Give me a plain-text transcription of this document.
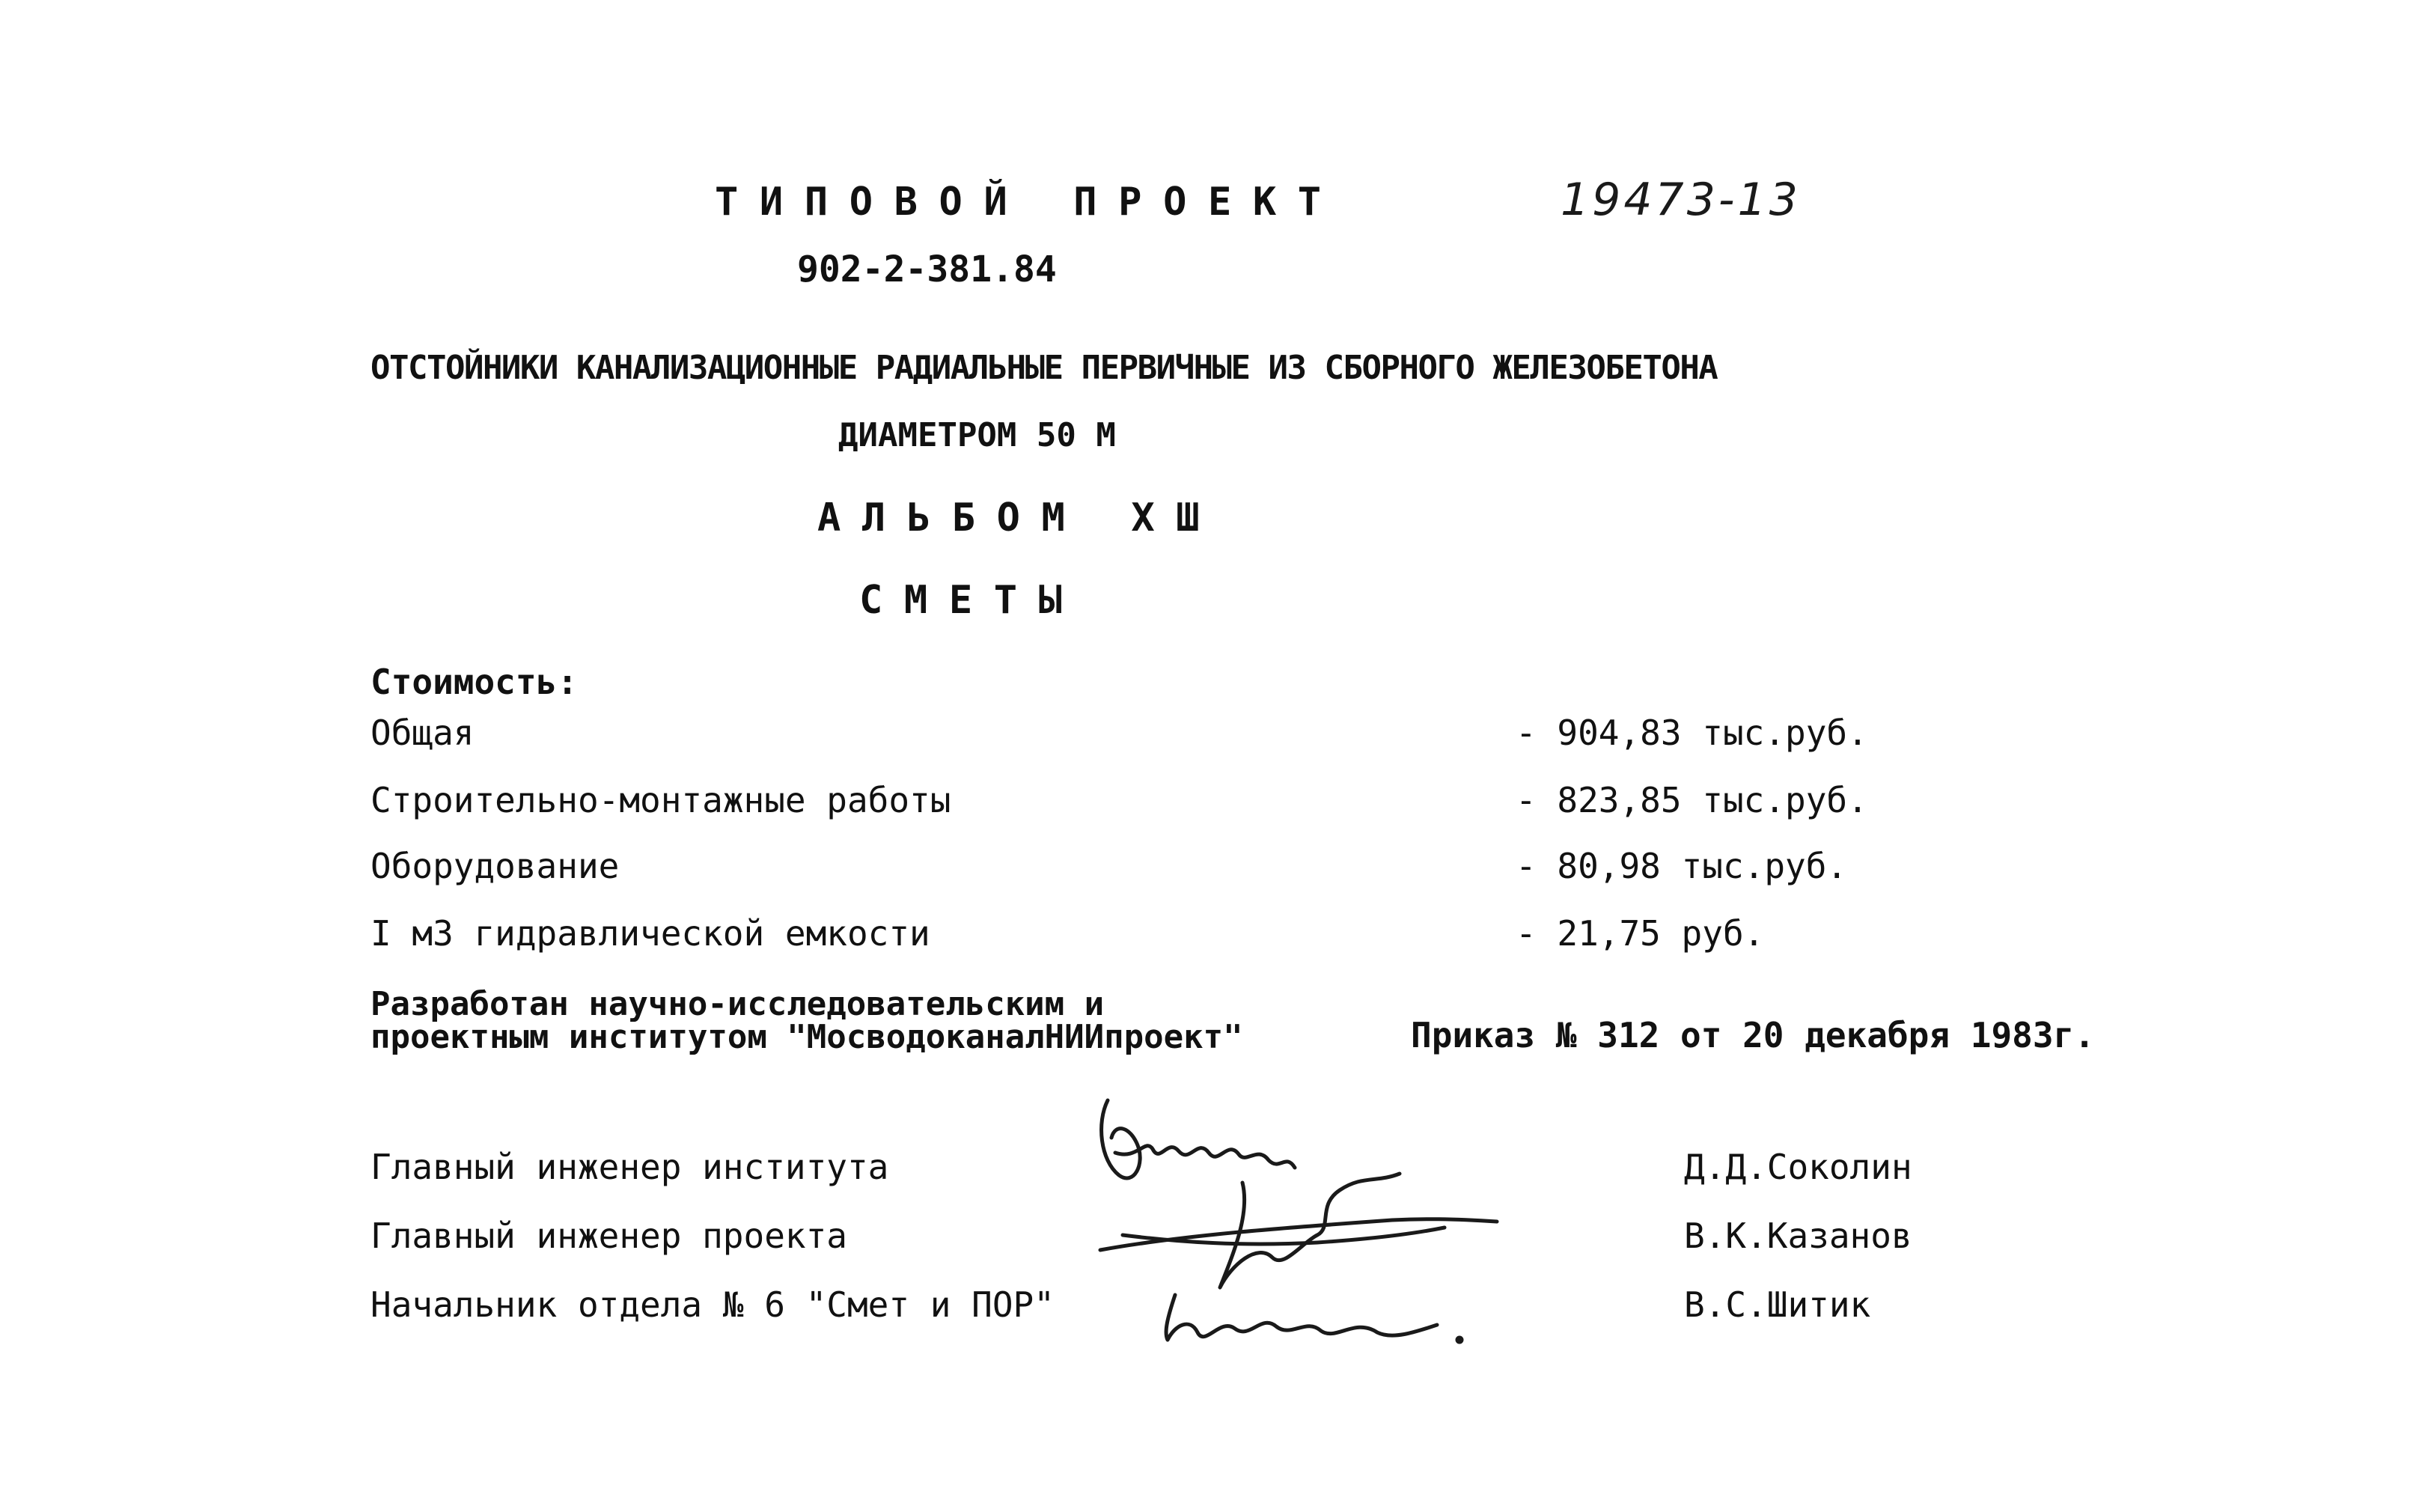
ТИПОВОЙ ПРОЕКТ	19473-13
902-2-381.84
ОТСТОЙНИКИ КАНАЛИЗАЦИОННЫЕ РАДИАЛЬНЫЕ ПЕРВИЧНЫЕ ИЗ СБОРНОГО ЖЕЛЕЗОБЕТОНА
ДИАМЕТРОМ 50 М
АЛЬБОМ XШ
СМЕТЫ
Стоимость:
Общая	- 904,83 тыс.руб.
Строительно-монтажные работы	- 823,85 тыс.руб.
Оборудование	- 80,98 тыс.руб.
I м3 гидравлической емкости	- 21,75 руб.
Разработан научно-исследовательским и
проектным институтом "МосводоканалНИИпроект"	Приказ № 312 от 20 декабря 1983г.
Главный инженер института	Д.Д.Соколин
Главный инженер проекта	В.К.Казанов
Начальник отдела № 6 "Смет и ПОР"	В.С.Шитик
